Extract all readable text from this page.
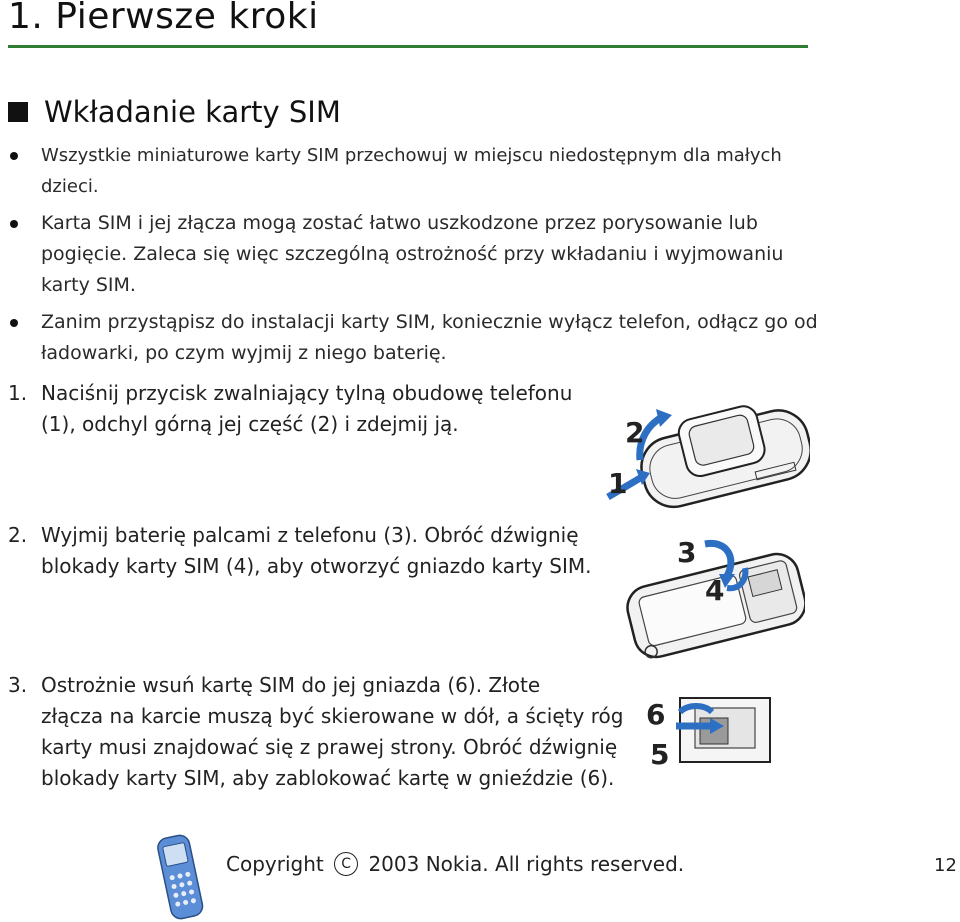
1. Pierwsze kroki
Wkładanie karty SIM
Wszystkie miniaturowe karty SIM przechowuj w miejscu niedostępnym dla małych dzieci.
Karta SIM i jej złącza mogą zostać łatwo uszkodzone przez porysowanie lub pogięcie. Zaleca się więc szczególną ostrożność przy wkładaniu i wyjmowaniu karty SIM.
Zanim przystąpisz do instalacji karty SIM, koniecznie wyłącz telefon, odłącz go od ładowarki, po czym wyjmij z niego baterię.
1. Naciśnij przycisk zwalniający tylną obudowę telefonu
(1), odchyl górną jej część (2) i zdejmij ją.
2. Wyjmij baterię palcami z telefonu (3). Obróć dźwignię
blokady karty SIM (4), aby otworzyć gniazdo karty SIM.
3. Ostrożnie wsuń kartę SIM do jej gniazda (6). Złote
złącza na karcie muszą być skierowane w dół, a ścięty róg
karty musi znajdować się z prawej strony. Obróć dźwignię
blokady karty SIM, aby zablokować kartę w gnieździe (6).
2
1
3
4
6
5
Copyright C 2003 Nokia. All rights reserved.	12
